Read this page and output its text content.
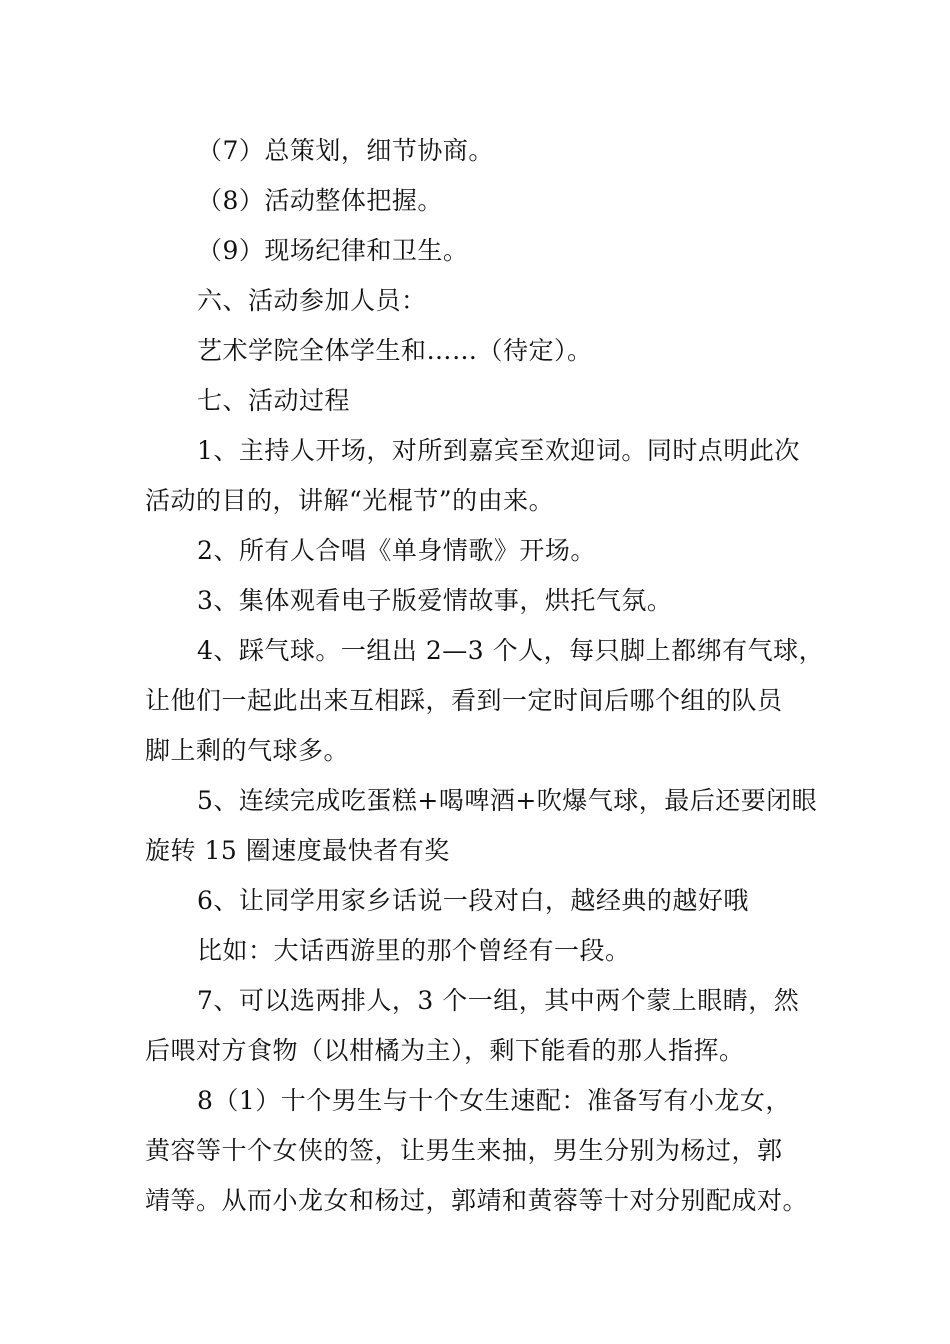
（7）总策划，细节协商。
（8）活动整体把握。
（9）现场纪律和卫生。
六、活动参加人员：
艺术学院全体学生和……（待定）。
七、活动过程
1、主持人开场，对所到嘉宾至欢迎词。同时点明此次
活动的目的，讲解“光棍节”的由来。
2、所有人合唱《单身情歌》开场。
3、集体观看电子版爱情故事，烘托气氛。
4、踩气球。一组出 2—3 个人，每只脚上都绑有气球，
让他们一起此出来互相踩，看到一定时间后哪个组的队员
脚上剩的气球多。
5、连续完成吃蛋糕+喝啤酒+吹爆气球，最后还要闭眼
旋转 15 圈速度最快者有奖
6、让同学用家乡话说一段对白，越经典的越好哦
比如：大话西游里的那个曾经有一段。
7、可以选两排人，3 个一组，其中两个蒙上眼睛，然
后喂对方食物（以柑橘为主），剩下能看的那人指挥。
8（1）十个男生与十个女生速配：准备写有小龙女，
黄容等十个女侠的签，让男生来抽，男生分别为杨过，郭
靖等。从而小龙女和杨过，郭靖和黄蓉等十对分别配成对。
